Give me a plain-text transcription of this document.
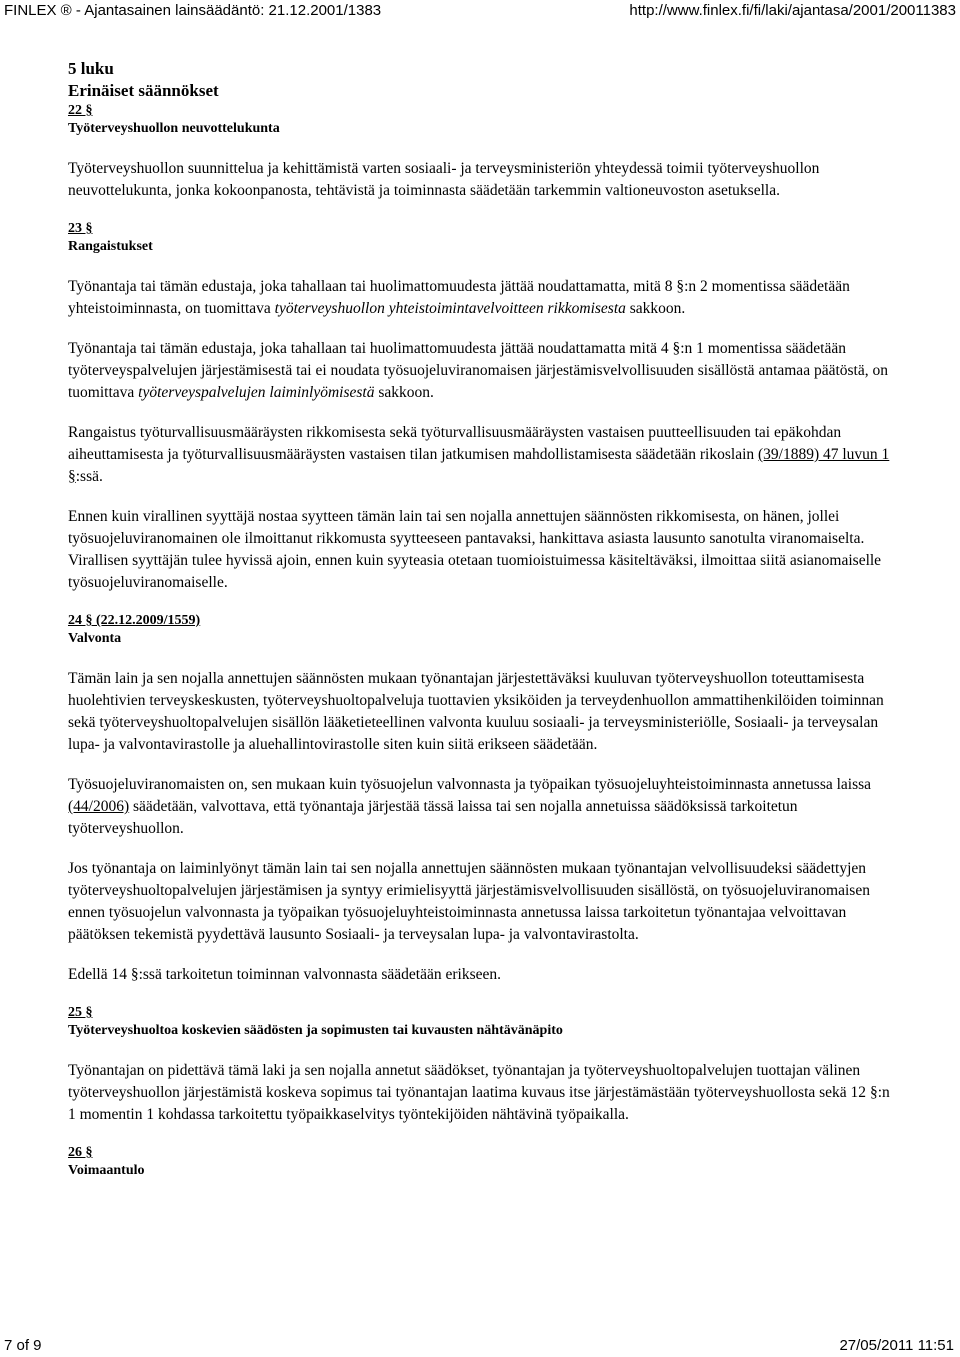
FINLEX ® - Ajantasainen lainsäädäntö: 21.12.2001/1383	http://www.finlex.fi/fi/laki/ajantasa/2001/20011383
5 luku
Erinäiset säännökset
22 §
Työterveyshuollon neuvottelukunta

Työterveyshuollon suunnittelua ja kehittämistä varten sosiaali- ja terveysministeriön yhteydessä toimii työterveyshuollon neuvottelukunta, jonka kokoonpanosta, tehtävistä ja toiminnasta säädetään tarkemmin valtioneuvoston asetuksella.

23 §
Rangaistukset

Työnantaja tai tämän edustaja, joka tahallaan tai huolimattomuudesta jättää noudattamatta, mitä 8 §:n 2 momentissa säädetään yhteistoiminnasta, on tuomittava työterveyshuollon yhteistoimintavelvoitteen rikkomisesta sakkoon.

Työnantaja tai tämän edustaja, joka tahallaan tai huolimattomuudesta jättää noudattamatta mitä 4 §:n 1 momentissa säädetään työterveyspalvelujen järjestämisestä tai ei noudata työsuojeluviranomaisen järjestämisvelvollisuuden sisällöstä antamaa päätöstä, on tuomittava työterveyspalvelujen laiminlyömisestä sakkoon.

Rangaistus työturvallisuusmääräysten rikkomisesta sekä työturvallisuusmääräysten vastaisen puutteellisuuden tai epäkohdan aiheuttamisesta ja työturvallisuusmääräysten vastaisen tilan jatkumisen mahdollistamisesta säädetään rikoslain (39/1889) 47 luvun 1 §:ssä.

Ennen kuin virallinen syyttäjä nostaa syytteen tämän lain tai sen nojalla annettujen säännösten rikkomisesta, on hänen, jollei työsuojeluviranomainen ole ilmoittanut rikkomusta syytteeseen pantavaksi, hankittava asiasta lausunto sanotulta viranomaiselta. Virallisen syyttäjän tulee hyvissä ajoin, ennen kuin syyteasia otetaan tuomioistuimessa käsiteltäväksi, ilmoittaa siitä asianomaiselle työsuojeluviranomaiselle.

24 § (22.12.2009/1559)
Valvonta

Tämän lain ja sen nojalla annettujen säännösten mukaan työnantajan järjestettäväksi kuuluvan työterveyshuollon toteuttamisesta huolehtivien terveyskeskusten, työterveyshuoltopalveluja tuottavien yksiköiden ja terveydenhuollon ammattihenkilöiden toiminnan sekä työterveyshuoltopalvelujen sisällön lääketieteellinen valvonta kuuluu sosiaali- ja terveysministeriölle, Sosiaali- ja terveysalan lupa- ja valvontavirastolle ja aluehallintovirastolle siten kuin siitä erikseen säädetään.

Työsuojeluviranomaisten on, sen mukaan kuin työsuojelun valvonnasta ja työpaikan työsuojeluyhteistoiminnasta annetussa laissa (44/2006) säädetään, valvottava, että työnantaja järjestää tässä laissa tai sen nojalla annetuissa säädöksissä tarkoitetun työterveyshuollon.

Jos työnantaja on laiminlyönyt tämän lain tai sen nojalla annettujen säännösten mukaan työnantajan velvollisuudeksi säädettyjen työterveyshuoltopalvelujen järjestämisen ja syntyy erimielisyyttä järjestämisvelvollisuuden sisällöstä, on työsuojeluviranomaisen ennen työsuojelun valvonnasta ja työpaikan työsuojeluyhteistoiminnasta annetussa laissa tarkoitetun työnantajaa velvoittavan päätöksen tekemistä pyydettävä lausunto Sosiaali- ja terveysalan lupa- ja valvontavirastolta.

Edellä 14 §:ssä tarkoitetun toiminnan valvonnasta säädetään erikseen.

25 §
Työterveyshuoltoa koskevien säädösten ja sopimusten tai kuvausten nähtävänäpito

Työnantajan on pidettävä tämä laki ja sen nojalla annetut säädökset, työnantajan ja työterveyshuoltopalvelujen tuottajan välinen työterveyshuollon järjestämistä koskeva sopimus tai työnantajan laatima kuvaus itse järjestämästään työterveyshuollosta sekä 12 §:n 1 momentin 1 kohdassa tarkoitettu työpaikkaselvitys työntekijöiden nähtävinä työpaikalla.

26 §
Voimaantulo
7 of 9	27/05/2011 11:51
